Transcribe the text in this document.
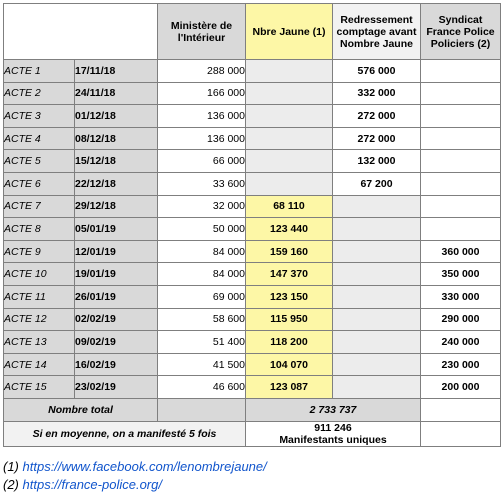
		Ministère de l'Intérieur	Nbre Jaune (1)	Redressement comptage avant Nombre Jaune	Syndicat France Police Policiers (2)
ACTE 1	17/11/18	288 000		576 000	
ACTE 2	24/11/18	166 000		332 000	
ACTE 3	01/12/18	136 000		272 000	
ACTE 4	08/12/18	136 000		272 000	
ACTE 5	15/12/18	66 000		132 000	
ACTE 6	22/12/18	33 600		67 200	
ACTE 7	29/12/18	32 000	68 110		
ACTE 8	05/01/19	50 000	123 440		
ACTE 9	12/01/19	84 000	159 160		360 000
ACTE 10	19/01/19	84 000	147 370		350 000
ACTE 11	26/01/19	69 000	123 150		330 000
ACTE 12	02/02/19	58 600	115 950		290 000
ACTE 13	09/02/19	51 400	118 200		240 000
ACTE 14	16/02/19	41 500	104 070		230 000
ACTE 15	23/02/19	46 600	123 087		200 000
Nombre total			2 733 737		
Si en moyenne, on a manifesté 5 fois			911 246
Manifestants uniques		

(1) https://www.facebook.com/lenombrejaune/
(2) https://france-police.org/
